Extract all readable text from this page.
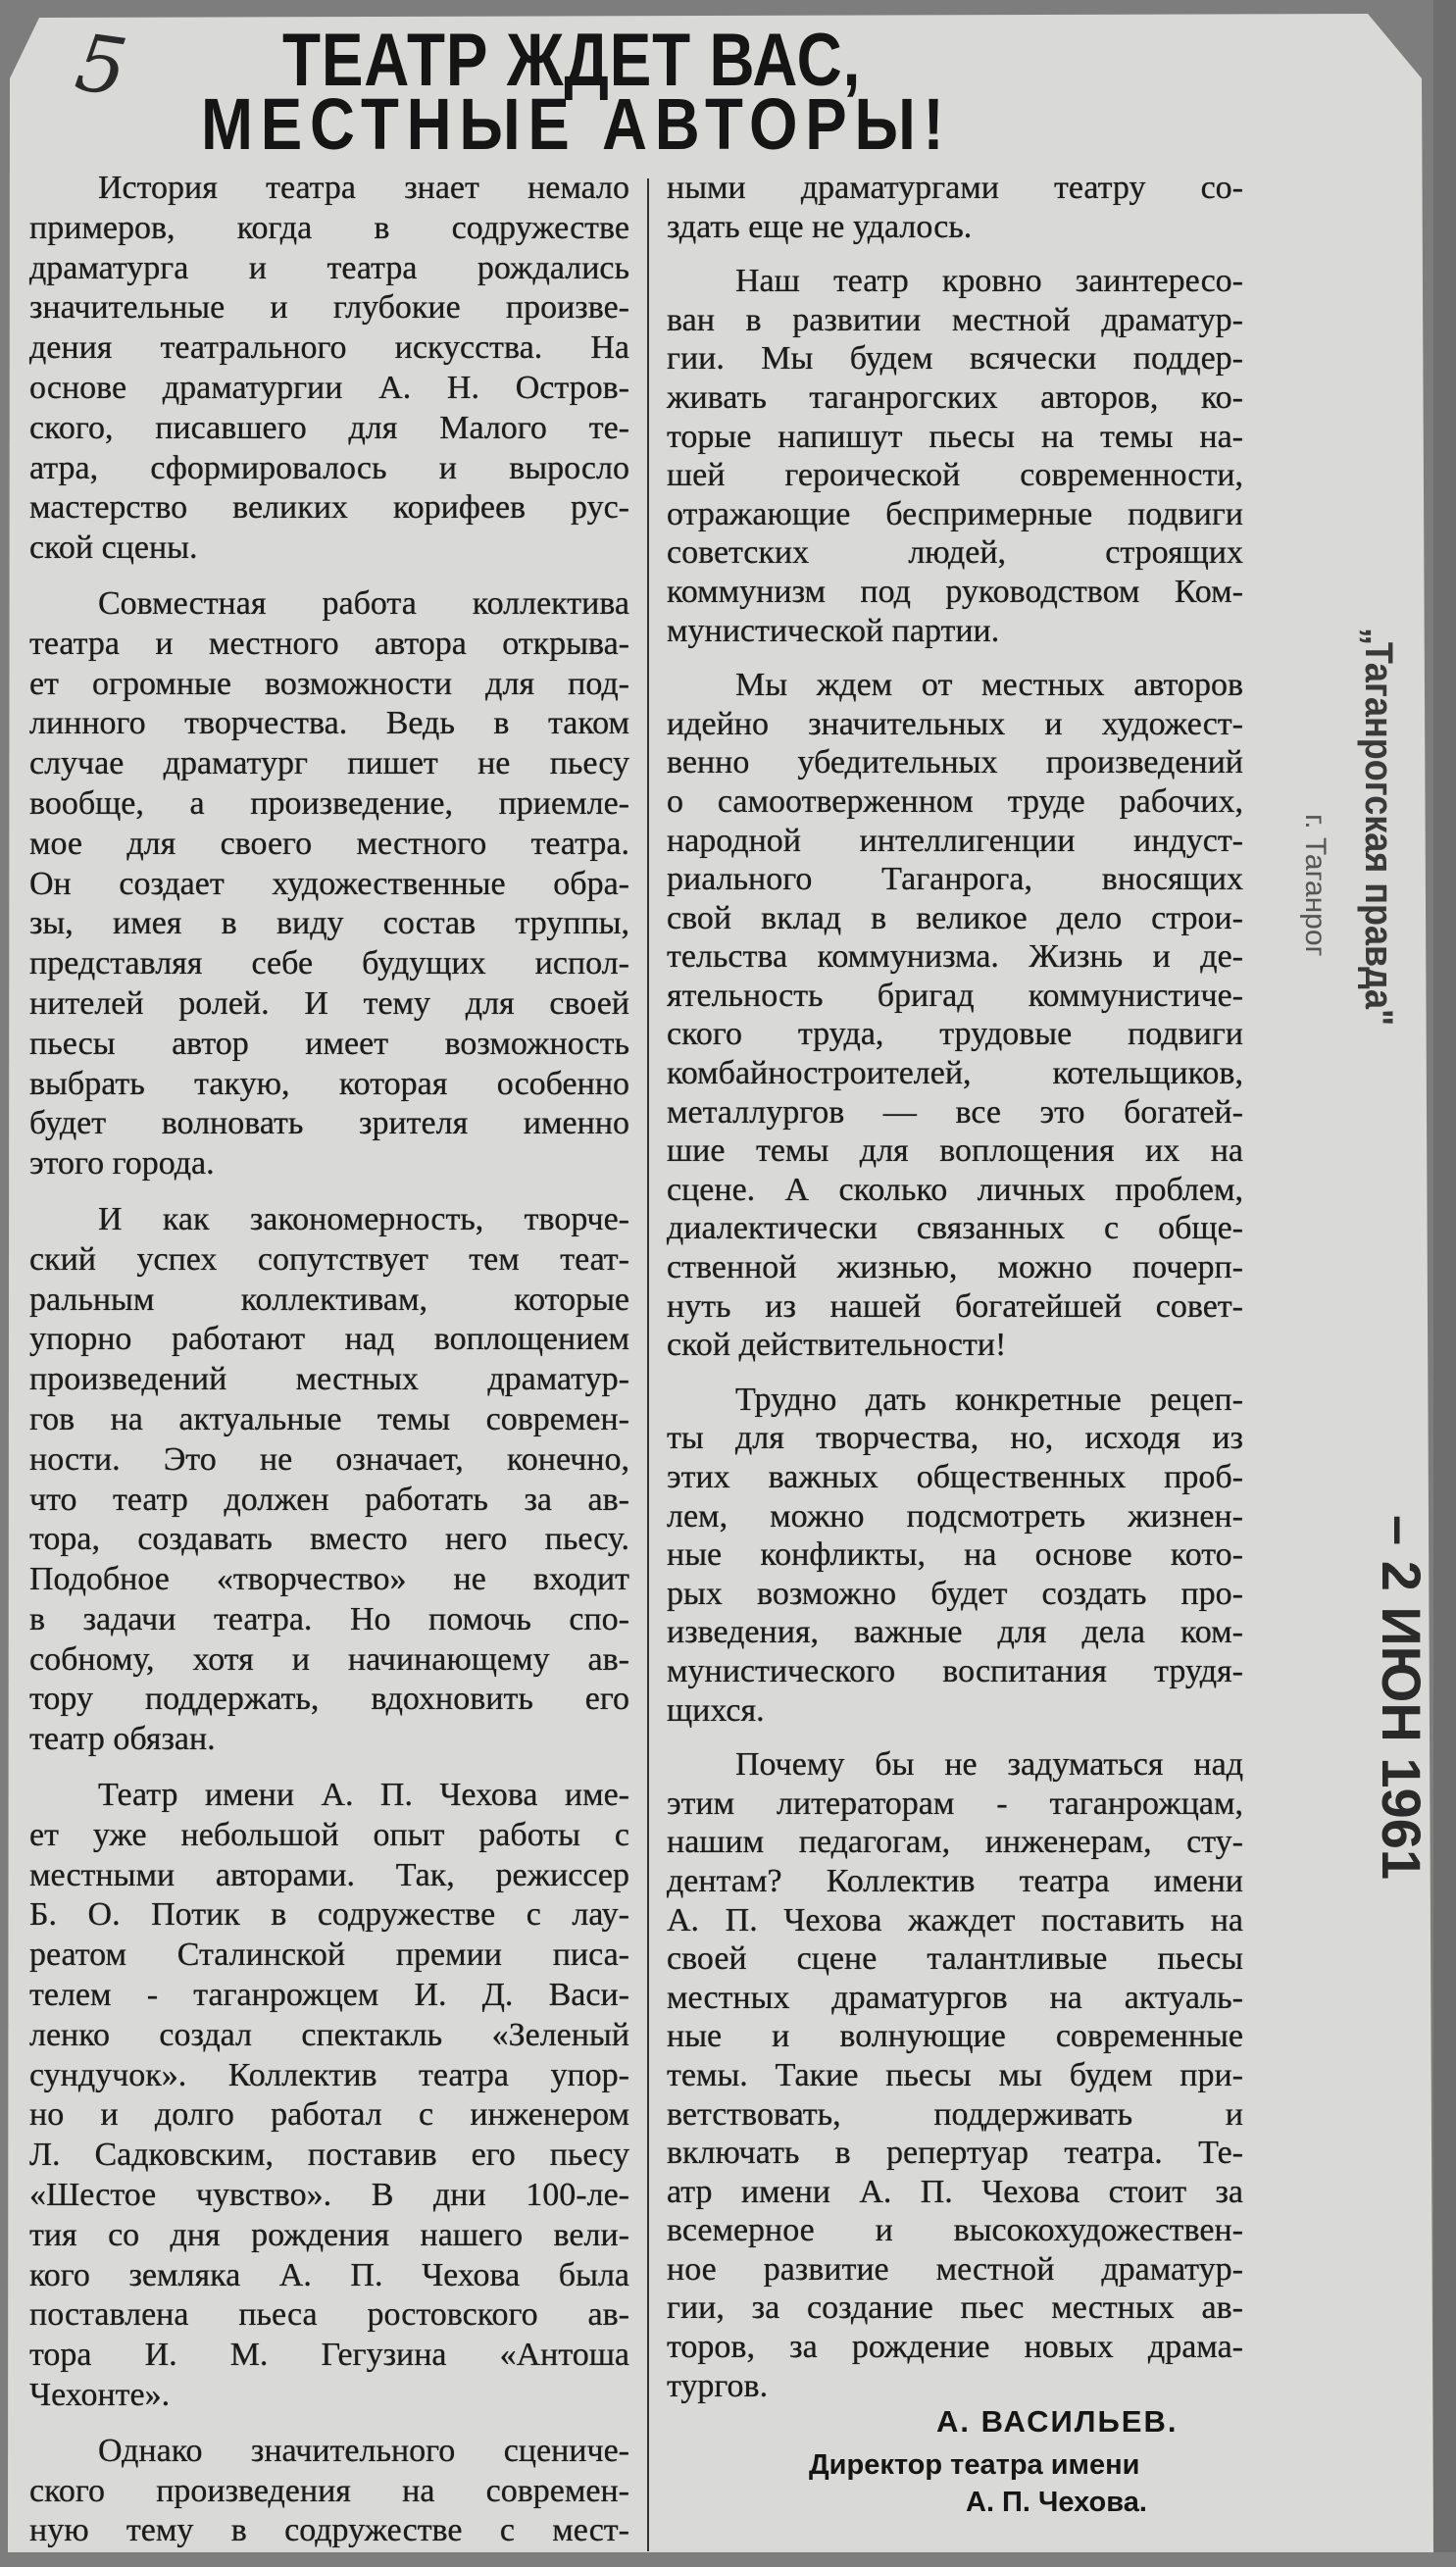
5 ТЕАТР ЖДЕТ ВАС,
МЕСТНЫЕ АВТОРЫ!
История театра знает немало
примеров, когда в содружестве
драматурга и театра рождались
значительные и глубокие произве-
дения театрального искусства. На
основе драматургии А. Н. Остров-
ского, писавшего для Малого те-
атра, сформировалось и выросло
мастерство великих корифеев рус-
ской сцены.
Совместная работа коллектива
театра и местного автора открыва-
ет огромные возможности для под-
линного творчества. Ведь в таком
случае драматург пишет не пьесу
вообще, а произведение, приемле-
мое для своего местного театра.
Он создает художественные обра-
зы, имея в виду состав труппы,
представляя себе будущих испол-
нителей ролей. И тему для своей
пьесы автор имеет возможность
выбрать такую, которая особенно
будет волновать зрителя именно
этого города.
И как закономерность, творче-
ский успех сопутствует тем теат-
ральным коллективам, которые
упорно работают над воплощением
произведений местных драматур-
гов на актуальные темы современ-
ности. Это не означает, конечно,
что театр должен работать за ав-
тора, создавать вместо него пьесу.
Подобное «творчество» не входит
в задачи театра. Но помочь спо-
собному, хотя и начинающему ав-
тору поддержать, вдохновить его
театр обязан.
Театр имени А. П. Чехова име-
ет уже небольшой опыт работы с
местными авторами. Так, режиссер
Б. О. Потик в содружестве с лау-
реатом Сталинской премии писа-
телем - таганрожцем И. Д. Васи-
ленко создал спектакль «Зеленый
сундучок». Коллектив театра упор-
но и долго работал с инженером
Л. Садковским, поставив его пьесу
«Шестое чувство». В дни 100-ле-
тия со дня рождения нашего вели-
кого земляка А. П. Чехова была
поставлена пьеса ростовского ав-
тора И. М. Гегузина «Антоша
Чехонте».
Однако значительного сцениче-
ского произведения на современ-
ную тему в содружестве с мест-
ными драматургами театру со-
здать еще не удалось.
Наш театр кровно заинтересо-
ван в развитии местной драматур-
гии. Мы будем всячески поддер-
живать таганрогских авторов, ко-
торые напишут пьесы на темы на-
шей героической современности,
отражающие беспримерные подвиги
советских людей, строящих
коммунизм под руководством Ком-
мунистической партии.
Мы ждем от местных авторов
идейно значительных и художест-
венно убедительных произведений
о самоотверженном труде рабочих,
народной интеллигенции индуст-
риального Таганрога, вносящих
свой вклад в великое дело строи-
тельства коммунизма. Жизнь и де-
ятельность бригад коммунистиче-
ского труда, трудовые подвиги
комбайностроителей, котельщиков,
металлургов — все это богатей-
шие темы для воплощения их на
сцене. А сколько личных проблем,
диалектически связанных с обще-
ственной жизнью, можно почерп-
нуть из нашей богатейшей совет-
ской действительности!
Трудно дать конкретные рецеп-
ты для творчества, но, исходя из
этих важных общественных проб-
лем, можно подсмотреть жизнен-
ные конфликты, на основе кото-
рых возможно будет создать про-
изведения, важные для дела ком-
мунистического воспитания трудя-
щихся.
Почему бы не задуматься над
этим литераторам - таганрожцам,
нашим педагогам, инженерам, сту-
дентам? Коллектив театра имени
А. П. Чехова жаждет поставить на
своей сцене талантливые пьесы
местных драматургов на актуаль-
ные и волнующие современные
темы. Такие пьесы мы будем при-
ветствовать, поддерживать и
включать в репертуар театра. Те-
атр имени А. П. Чехова стоит за
всемерное и высокохудожествен-
ное развитие местной драматур-
гии, за создание пьес местных ав-
торов, за рождение новых драма-
тургов.
А. ВАСИЛЬЕВ.
Директор театра имени
А. П. Чехова.
„Таганрогская правда"
г. Таганрог
– 2 ИЮН 1961
